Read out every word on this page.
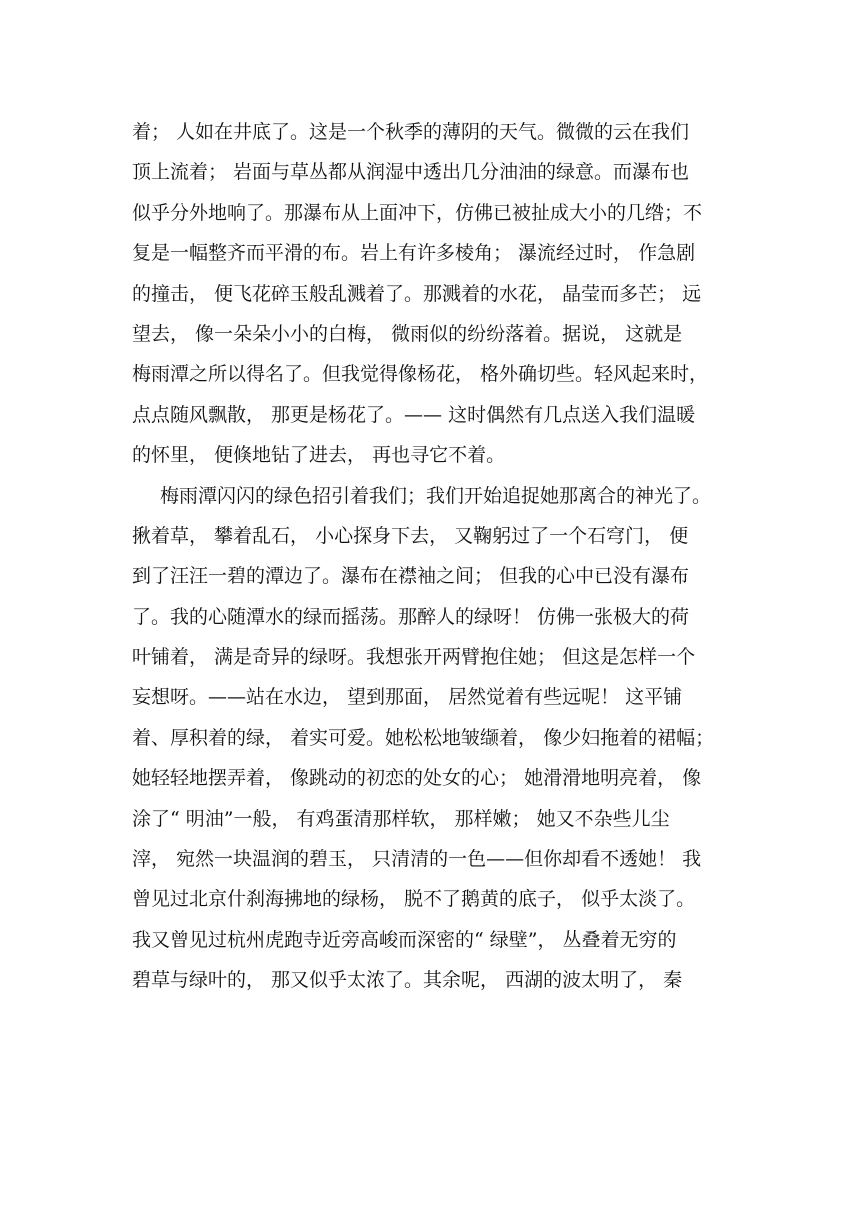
着； 人如在井底了。这是一个秋季的薄阴的天气。微微的云在我们
顶上流着； 岩面与草丛都从润湿中透出几分油油的绿意。而瀑布也
似乎分外地响了。那瀑布从上面冲下，仿佛已被扯成大小的几绺；不
复是一幅整齐而平滑的布。岩上有许多棱角； 瀑流经过时， 作急剧
的撞击， 便飞花碎玉般乱溅着了。那溅着的水花， 晶莹而多芒； 远
望去， 像一朵朵小小的白梅， 微雨似的纷纷落着。据说， 这就是
梅雨潭之所以得名了。但我觉得像杨花， 格外确切些。轻风起来时，
点点随风飘散， 那更是杨花了。—— 这时偶然有几点送入我们温暖
的怀里， 便倏地钻了进去， 再也寻它不着。
梅雨潭闪闪的绿色招引着我们；我们开始追捉她那离合的神光了。
揪着草， 攀着乱石， 小心探身下去， 又鞠躬过了一个石穹门， 便
到了汪汪一碧的潭边了。瀑布在襟袖之间； 但我的心中已没有瀑布
了。我的心随潭水的绿而摇荡。那醉人的绿呀！ 仿佛一张极大的荷
叶铺着， 满是奇异的绿呀。我想张开两臂抱住她； 但这是怎样一个
妄想呀。——站在水边， 望到那面， 居然觉着有些远呢！ 这平铺
着、厚积着的绿， 着实可爱。她松松地皱缬着， 像少妇拖着的裙幅；
她轻轻地摆弄着， 像跳动的初恋的处女的心； 她滑滑地明亮着， 像
涂了“ 明油”一般， 有鸡蛋清那样软， 那样嫩； 她又不杂些儿尘
滓， 宛然一块温润的碧玉， 只清清的一色——但你却看不透她！ 我
曾见过北京什刹海拂地的绿杨， 脱不了鹅黄的底子， 似乎太淡了。
我又曾见过杭州虎跑寺近旁高峻而深密的“ 绿壁”， 丛叠着无穷的
碧草与绿叶的， 那又似乎太浓了。其余呢， 西湖的波太明了， 秦
